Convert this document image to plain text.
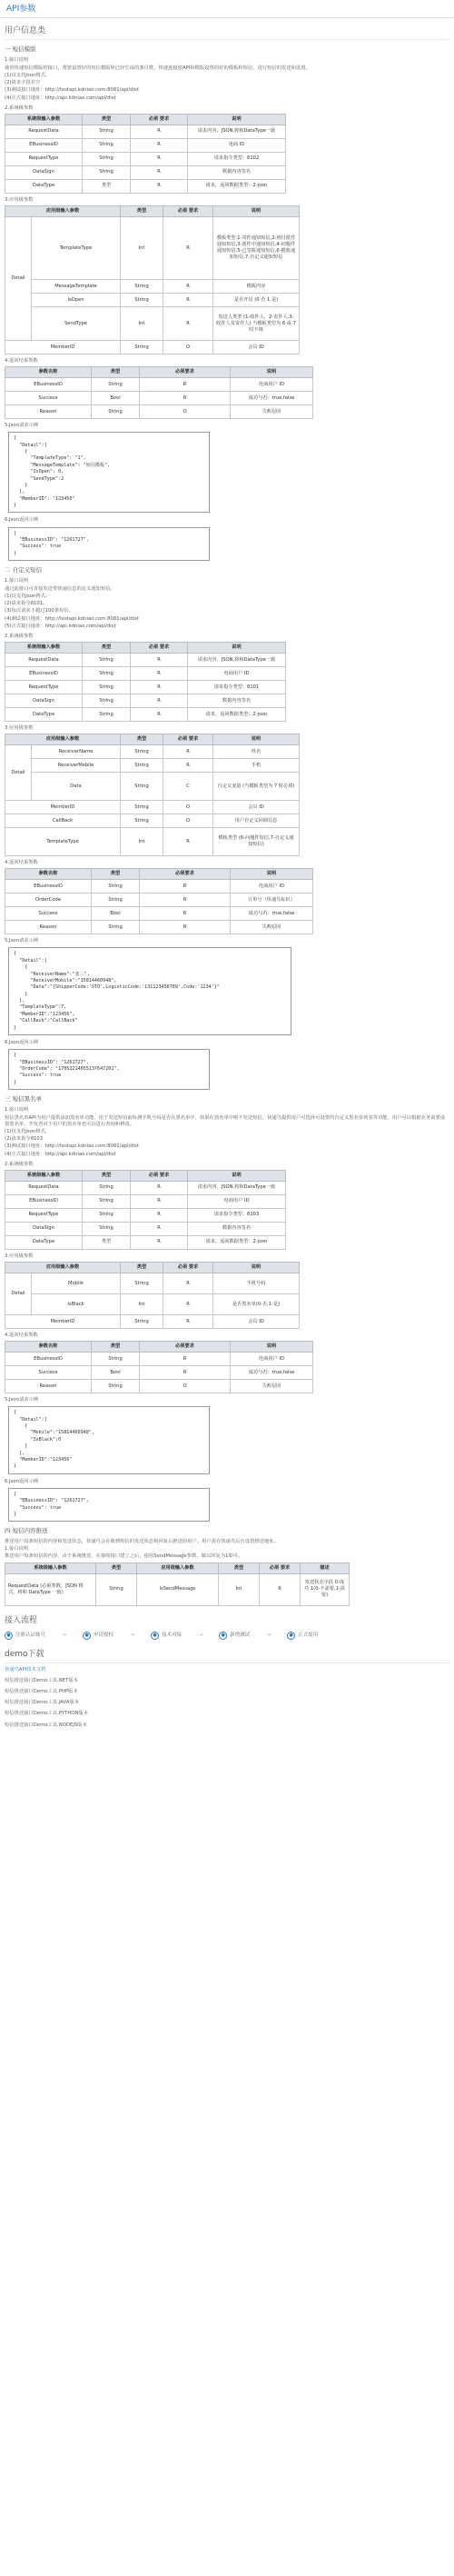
API参数
用户信息类
一 短信模版
1.接口说明
使用快速短信模版的接口，帮您设置好的短信模版和已经生成的条目数，快速连接您API和模版设置的好的模板和短信，进行短信的发送和设置。
(1)仅支持Json格式,
(2)请求字段非空
(3)测试接口地址：http://testapi.kdniao.com:8081/api/dist
(4)正式接口地址：http://api.kdniao.com/api/dist
2.系统级参数
系统级输入参数	类型	必须 要求	说明
RequestData	String	R	请求内容，JSON,将和DataType一致
EBusinessID	String	R	电商 ID
RequestType	String	R	请求指令类型：8102
DataSign	String	R	数据内容签名
DataType	类型	R	请求，返回数据类型：2-json
3.应用级参数
应用级输入参数		类型	必须 要求	说明
Detail	TemplateType	Int	R	模板类型:1-寄件通知短信,2-到付派件通知短信,3-派件中通知短信,4-问题件通知短信,5-已签收通知短信,6-揽收通知短信,7-自定义通知短信
	MessageTemplate	String	R	模板内容
	IsOpen	String	R	是否开启 (0 否 1 是)
	SendType	Int	R	发送人类型 (1-收件人，2-寄件人,3-收件人及寄件人) 当模板类型为 6 或 7 时不填
MemberID		String	O	会员 ID
4.返回结果参数
参数名称	类型	必须要求	说明
EBusinessID	String	R	电商用户 ID
Success	Bool	R	成功与否：true,false
Reason	String	O	失败原因
5.Json请求示例
{
"Detail":[
{
"TemplateType": "1",
"MessageTemplate": "短信模板",
"IsOpen": 0,
"SendType":2
}
],
"MemberID": "123456"
}
6.Json返回示例
{
"EBusinessID": "1261727",
"Success": true
}
二 自定义短信
1.接口说明
通过此接口可直接发送带快递信息的定义通知短信。
(1)仅支持Json格式,
(2)请求指令8101,
(3)每次请求不超过100条短信。
(4)测试接口地址：http://testapi.kdniao.com:8081/api/dist
(5)正式接口地址：http://api.kdniao.com/api/dist
2.系统级参数
系统级输入参数	类型	必须 要求	说明
RequestData	String	R	请求内容，JSON,将和DataType一致
EBusinessID	String	R	电商用户 ID
RequestType	String	R	请求指令类型：8101
DataSign	String	R	数据内容签名
DataType	String	R	请求，返回数据类型：2-json
3.应用级参数
应用级输入参数		类型	必须 要求	说明
Detail	ReceiverName	String	R	姓名
	ReceiverMobile	String	R	手机
	Data	String	C	自定义变量 (当模板类型为 7 时必填)
MemberID		String	O	会员 ID
CallBack		String	O	用户自定义回调信息
TemplateType		Int	R	模板类型 (6-问题件短信,7-自定义通知短信)
4.返回结果参数
参数名称	类型	必须要求	说明
EBusinessID	String	R	电商用户 ID
OrderCode	String	R	订单号（快递鸟标识）
Success	Bool	R	成功与否：true,false
Reason	String	R	失败原因
5.Json请求示例
{
"Detail":[
{
"ReceiverName":"张三",
"ReceiverMobile":"15814460948",
"Data":"{ShipperCode:'STO',LogisticCode:'131123456789',Code:'1234'}"
}
],
"TemplateType":7,
"MemberID":"123456",
"CallBack":"CallBack"
}
6.Json返回示例
{
"EBusinessID": "1261727",
"OrderCode": "17052214055137647201",
"Success": true
}
三 短信黑名单
1.接口说明
短信黑名单API为用户提供添加黑名单功能，用于发送短信前检测手机号码是否在黑名单中，如果在黑名单中则不发送短信，快递鸟提供用户可选择可设置的自定义黑名单列表等功能，用户可以根据业务需要设置黑名单，开发者对于用户的黑名单也可以进行查询和修改。
(1)仅支持Json格式,
(2)请求指令8103
(3)测试接口地址：http://testapi.kdniao.com:8081/api/dist
(4)正式接口地址：http://api.kdniao.com/api/dist
2.系统级参数
系统级输入参数	类型	必须 要求	说明
RequestData	String	R	请求内容，JSON,将和DataType一致
EBusinessID	String	R	电商用户 ID
RequestType	String	R	请求指令类型：8103
DataSign	String	R	数据内容签名
DataType	类型	R	请求，返回数据类型：2-json
3.应用级参数
应用级输入参数		类型	必须 要求	说明
Detail	Mobile	String	R	手机号码
	IsBlack	Int	R	是否黑名单(0-否,1-是)
MemberID		String	R	会员 ID
4.返回结果参数
参数名称	类型	必须要求	说明
EBusinessID	String	R	电商用户 ID
Success	Bool	R	成功与否：true,false
Reason	String	O	失败原因
5.Json请求示例
{
"Detail":[
{
"Mobile":"15814460948",
"IsBlack":0
}
],
"MemberID":"123456"
}
6.Json返回示例
{
"EBusinessID": "1261727",
"Success": true
}
四 短信内容推送
推送用户每条短信的内容和发送状态，快递鸟会在收到短信的发送状态和回复后推送给用户。用户需在快递鸟后台设置推送地址。
1.接口说明
推送用户每条短信的内容，由于系统推送，在接收接口建立之后，使用SendMessage参数，做以回复为1即可。
系统级输入参数	类型	应用级输入参数	类型	必须 要求	描述
RequestData (必须参数，JSON 格式，将和 DataType 一致)	String	IsSendMessage	Int	R	发送状态字段 0-成功 1(0-不需要,1-需要)
接入流程
● 注册认证账号	→	● 申请授权	→	● 技术对接	→	● 新增测试	→	● 正式使用
demo下载
快递鸟API技术文档
短信推送接口Demo工具.NET版本
短信推送接口Demo工具.PHP版本
短信推送接口Demo工具.JAVA版本
短信推送接口Demo工具.PYTHON版本
短信推送接口Demo工具.NODEJS版本
